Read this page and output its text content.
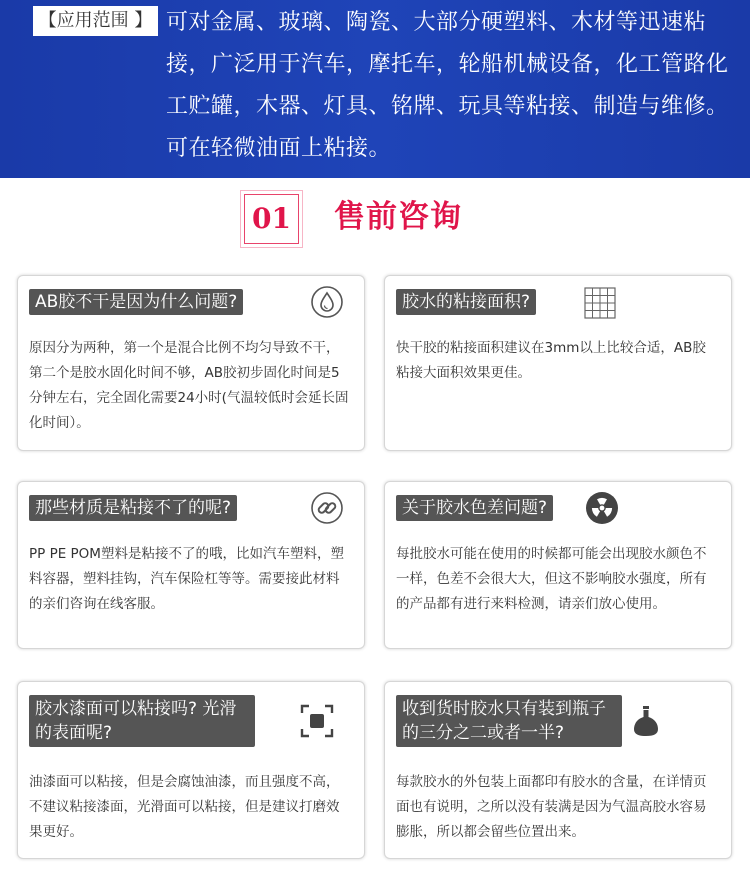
【应用范围 】 可对金属、玻璃、陶瓷、大部分硬塑料、木材等迅速粘接，广泛用于汽车，摩托车，轮船机械设备，化工管路化工贮罐，木器、灯具、铭牌、玩具等粘接、制造与维修。可在轻微油面上粘接。
01 售前咨询
AB胶不干是因为什么问题?
原因分为两种，第一个是混合比例不均匀导致不干，第二个是胶水固化时间不够，AB胶初步固化时间是5分钟左右，完全固化需要24小时(气温较低时会延长固化时间）。
胶水的粘接面积?
快干胶的粘接面积建议在3mm以上比较合适，AB胶粘接大面积效果更佳。
那些材质是粘接不了的呢?
PP PE POM塑料是粘接不了的哦，比如汽车塑料，塑料容器，塑料挂钩，汽车保险杠等等。需要接此材料的亲们咨询在线客服。
关于胶水色差问题?
每批胶水可能在使用的时候都可能会出现胶水颜色不一样，色差不会很大大，但这不影响胶水强度，所有的产品都有进行来料检测，请亲们放心使用。
胶水漆面可以粘接吗? 光滑的表面呢?
油漆面可以粘接，但是会腐蚀油漆，而且强度不高，不建议粘接漆面，光滑面可以粘接，但是建议打磨效果更好。
收到货时胶水只有装到瓶子的三分之二或者一半?
每款胶水的外包装上面都印有胶水的含量，在详情页面也有说明，之所以没有装满是因为气温高胶水容易膨胀，所以都会留些位置出来。
